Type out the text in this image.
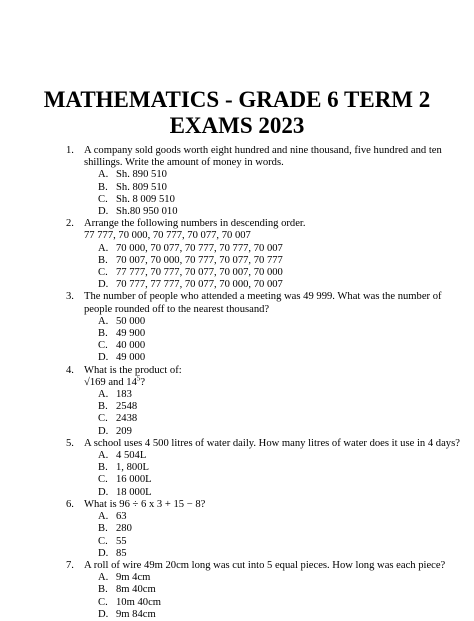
MATHEMATICS - GRADE 6 TERM 2
EXAMS 2023
1. A company sold goods worth eight hundred and nine thousand, five hundred and ten shillings. Write the amount of money in words.
A. Sh. 890 510
B. Sh. 809 510
C. Sh. 8 009 510
D. Sh.80 950 010
2. Arrange the following numbers in descending order.
77 777, 70 000, 70 777, 70 077, 70 007
A. 70 000, 70 077, 70 777, 70 777, 70 007
B. 70 007, 70 000, 70 777, 70 077, 70 777
C. 77 777, 70 777, 70 077, 70 007, 70 000
D. 70 777, 77 777, 70 077, 70 000, 70 007
3. The number of people who attended a meeting was 49 999. What was the number of people rounded off to the nearest thousand?
A. 50 000
B. 49 900
C. 40 000
D. 49 000
4. What is the product of:
√169 and $14^5$?
A. 183
B. 2548
C. 2438
D. 209
5. A school uses 4 500 litres of water daily. How many litres of water does it use in 4 days?
A. 4 504L
B. 1, 800L
C. 16 000L
D. 18 000L
6. What is 96 ÷ 6 x 3 + 15 − 8?
A. 63
B. 280
C. 55
D. 85
7. A roll of wire 49m 20cm long was cut into 5 equal pieces. How long was each piece?
A. 9m 4cm
B. 8m 40cm
C. 10m 40cm
D. 9m 84cm
